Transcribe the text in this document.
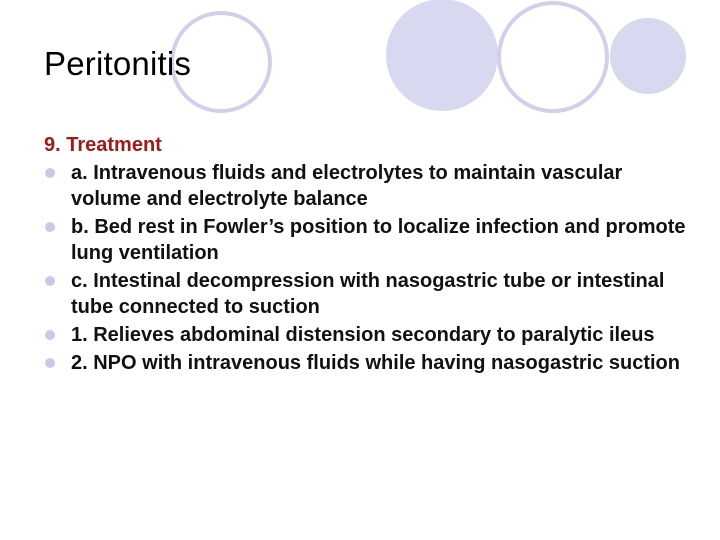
Peritonitis

9. Treatment

a. Intravenous fluids and electrolytes to maintain vascular volume and electrolyte balance
b. Bed rest in Fowler’s position to localize infection and promote lung ventilation
c. Intestinal decompression with nasogastric tube or intestinal tube connected to suction
1. Relieves abdominal distension secondary to paralytic ileus
2. NPO with intravenous fluids while having nasogastric suction
